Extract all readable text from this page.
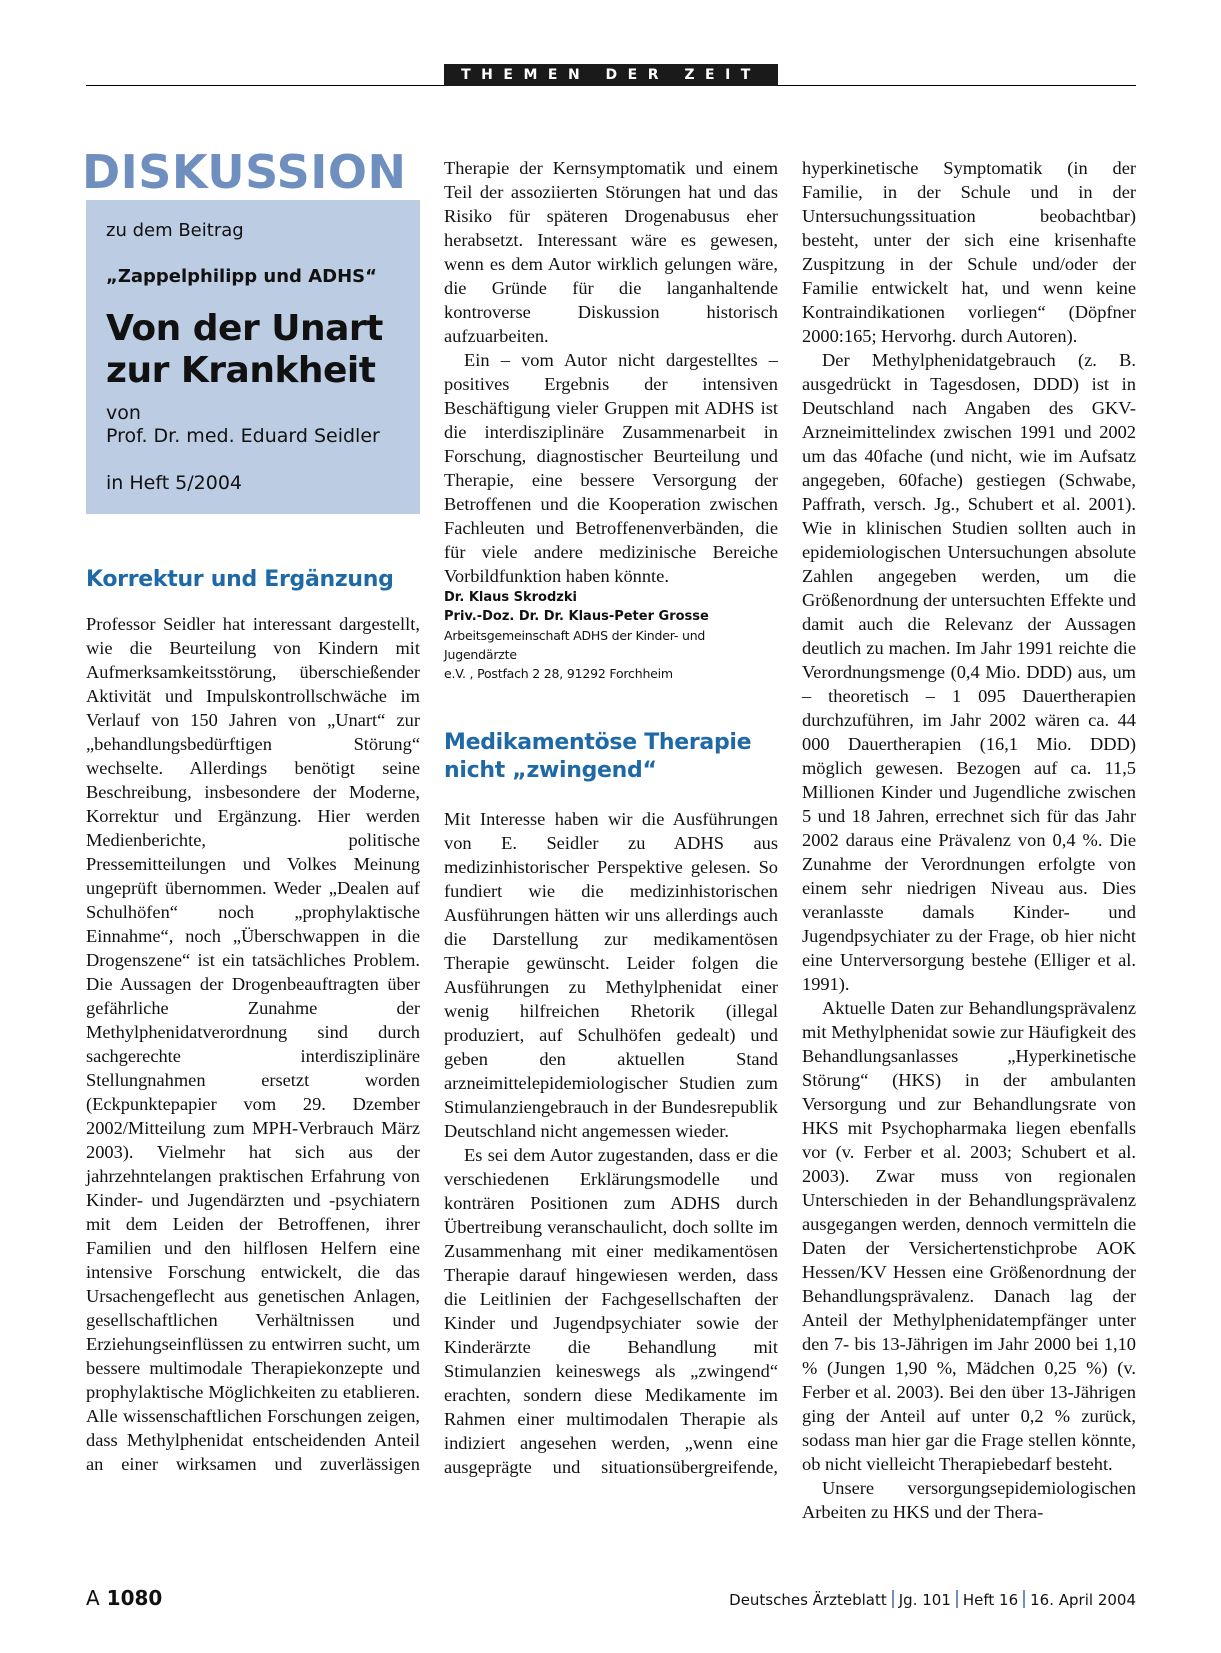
THEMEN DER ZEIT
zu dem Beitrag
„Zappelphilipp und ADHS“
Von der Unart
zur Krankheit
von
Prof. Dr. med. Eduard Seidler
in Heft 5/2004
DISKUSSION
Korrektur und Ergänzung

Professor Seidler hat interessant dargestellt, wie die Beurteilung von Kindern mit Aufmerksamkeitsstörung, überschießender Aktivität und Impulskontrollschwäche im Verlauf von 150 Jahren von „Unart“ zur „behandlungsbedürftigen Störung“ wechselte. Allerdings benötigt seine Beschreibung, insbesondere der Moderne, Korrektur und Ergänzung. Hier werden Medienberichte, politische Pressemitteilungen und Volkes Meinung ungeprüft übernommen. Weder „Dealen auf Schulhöfen“ noch „prophylaktische Einnahme“, noch „Überschwappen in die Drogenszene“ ist ein tatsächliches Problem. Die Aussagen der Drogenbeauftragten über gefährliche Zunahme der Methylphenidatverordnung sind durch sachgerechte interdisziplinäre Stellungnahmen ersetzt worden (Eckpunktepapier vom 29. Dzember 2002/Mitteilung zum MPH-Verbrauch März 2003). Vielmehr hat sich aus der jahrzehntelangen praktischen Erfahrung von Kinder- und Jugendärzten und -psychiatern mit dem Leiden der Betroffenen, ihrer Familien und den hilflosen Helfern eine intensive Forschung entwickelt, die das Ursachengeflecht aus genetischen Anlagen, gesellschaftlichen Verhältnissen und Erziehungseinflüssen zu entwirren sucht, um bessere multimodale Therapiekonzepte und prophylaktische Möglichkeiten zu etablieren. Alle wissenschaftlichen Forschungen zeigen, dass Methylphenidat entscheidenden Anteil an einer wirksamen und zuverlässigen

Therapie der Kernsymptomatik und einem Teil der assoziierten Störungen hat und das Risiko für späteren Drogenabusus eher herabsetzt. Interessant wäre es gewesen, wenn es dem Autor wirklich gelungen wäre, die Gründe für die langanhaltende kontroverse Diskussion historisch aufzuarbeiten.

Ein – vom Autor nicht dargestelltes – positives Ergebnis der intensiven Beschäftigung vieler Gruppen mit ADHS ist die interdisziplinäre Zusammenarbeit in Forschung, diagnostischer Beurteilung und Therapie, eine bessere Versorgung der Betroffenen und die Kooperation zwischen Fachleuten und Betroffenenverbänden, die für viele andere medizinische Bereiche Vorbildfunktion haben könnte.

Dr. Klaus Skrodzki
Priv.-Doz. Dr. Dr. Klaus-Peter Grosse
Arbeitsgemeinschaft ADHS der Kinder- und Jugendärzte
e.V. , Postfach 2 28, 91292 Forchheim
Medikamentöse Therapie
nicht „zwingend“

Mit Interesse haben wir die Ausführungen von E. Seidler zu ADHS aus medizinhistorischer Perspektive gelesen. So fundiert wie die medizinhistorischen Ausführungen hätten wir uns allerdings auch die Darstellung zur medikamentösen Therapie gewünscht. Leider folgen die Ausführungen zu Methylphenidat einer wenig hilfreichen Rhetorik (illegal produziert, auf Schulhöfen gedealt) und geben den aktuellen Stand arzneimittelepidemiologischer Studien zum Stimulanziengebrauch in der Bundesrepublik Deutschland nicht angemessen wieder.

Es sei dem Autor zugestanden, dass er die verschiedenen Erklärungsmodelle und konträren Positionen zum ADHS durch Übertreibung veranschaulicht, doch sollte im Zusammenhang mit einer medikamentösen Therapie darauf hingewiesen werden, dass die Leitlinien der Fachgesellschaften der Kinder und Jugendpsychiater sowie der Kinderärzte die Behandlung mit Stimulanzien keineswegs als „zwingend“ erachten, sondern diese Medikamente im Rahmen einer multimodalen Therapie als indiziert angesehen werden, „wenn eine ausgeprägte und situationsübergreifende,

hyperkinetische Symptomatik (in der Familie, in der Schule und in der Untersuchungssituation beobachtbar) besteht, unter der sich eine krisenhafte Zuspitzung in der Schule und/oder der Familie entwickelt hat, und wenn keine Kontraindikationen vorliegen“ (Döpfner 2000:165; Hervorhg. durch Autoren).

Der Methylphenidatgebrauch (z. B. ausgedrückt in Tagesdosen, DDD) ist in Deutschland nach Angaben des GKV-Arzneimittelindex zwischen 1991 und 2002 um das 40fache (und nicht, wie im Aufsatz angegeben, 60fache) gestiegen (Schwabe, Paffrath, versch. Jg., Schubert et al. 2001). Wie in klinischen Studien sollten auch in epidemiologischen Untersuchungen absolute Zahlen angegeben werden, um die Größenordnung der untersuchten Effekte und damit auch die Relevanz der Aussagen deutlich zu machen. Im Jahr 1991 reichte die Verordnungsmenge (0,4 Mio. DDD) aus, um – theoretisch – 1 095 Dauertherapien durchzuführen, im Jahr 2002 wären ca. 44 000 Dauertherapien (16,1 Mio. DDD) möglich gewesen. Bezogen auf ca. 11,5 Millionen Kinder und Jugendliche zwischen 5 und 18 Jahren, errechnet sich für das Jahr 2002 daraus eine Prävalenz von 0,4 %. Die Zunahme der Verordnungen erfolgte von einem sehr niedrigen Niveau aus. Dies veranlasste damals Kinder- und Jugendpsychiater zu der Frage, ob hier nicht eine Unterversorgung bestehe (Elliger et al. 1991).

Aktuelle Daten zur Behandlungsprävalenz mit Methylphenidat sowie zur Häufigkeit des Behandlungsanlasses „Hyperkinetische Störung“ (HKS) in der ambulanten Versorgung und zur Behandlungsrate von HKS mit Psychopharmaka liegen ebenfalls vor (v. Ferber et al. 2003; Schubert et al. 2003). Zwar muss von regionalen Unterschieden in der Behandlungsprävalenz ausgegangen werden, dennoch vermitteln die Daten der Versichertenstichprobe AOK Hessen/KV Hessen eine Größenordnung der Behandlungsprävalenz. Danach lag der Anteil der Methylphenidatempfänger unter den 7- bis 13-Jährigen im Jahr 2000 bei 1,10 % (Jungen 1,90 %, Mädchen 0,25 %) (v. Ferber et al. 2003). Bei den über 13-Jährigen ging der Anteil auf unter 0,2 % zurück, sodass man hier gar die Frage stellen könnte, ob nicht vielleicht Therapiebedarf besteht.

Unsere versorgungsepidemiologischen Arbeiten zu HKS und der Thera-

A 1080	Deutsches Ärzteblatt Jg. 101 Heft 16 16. April 2004
